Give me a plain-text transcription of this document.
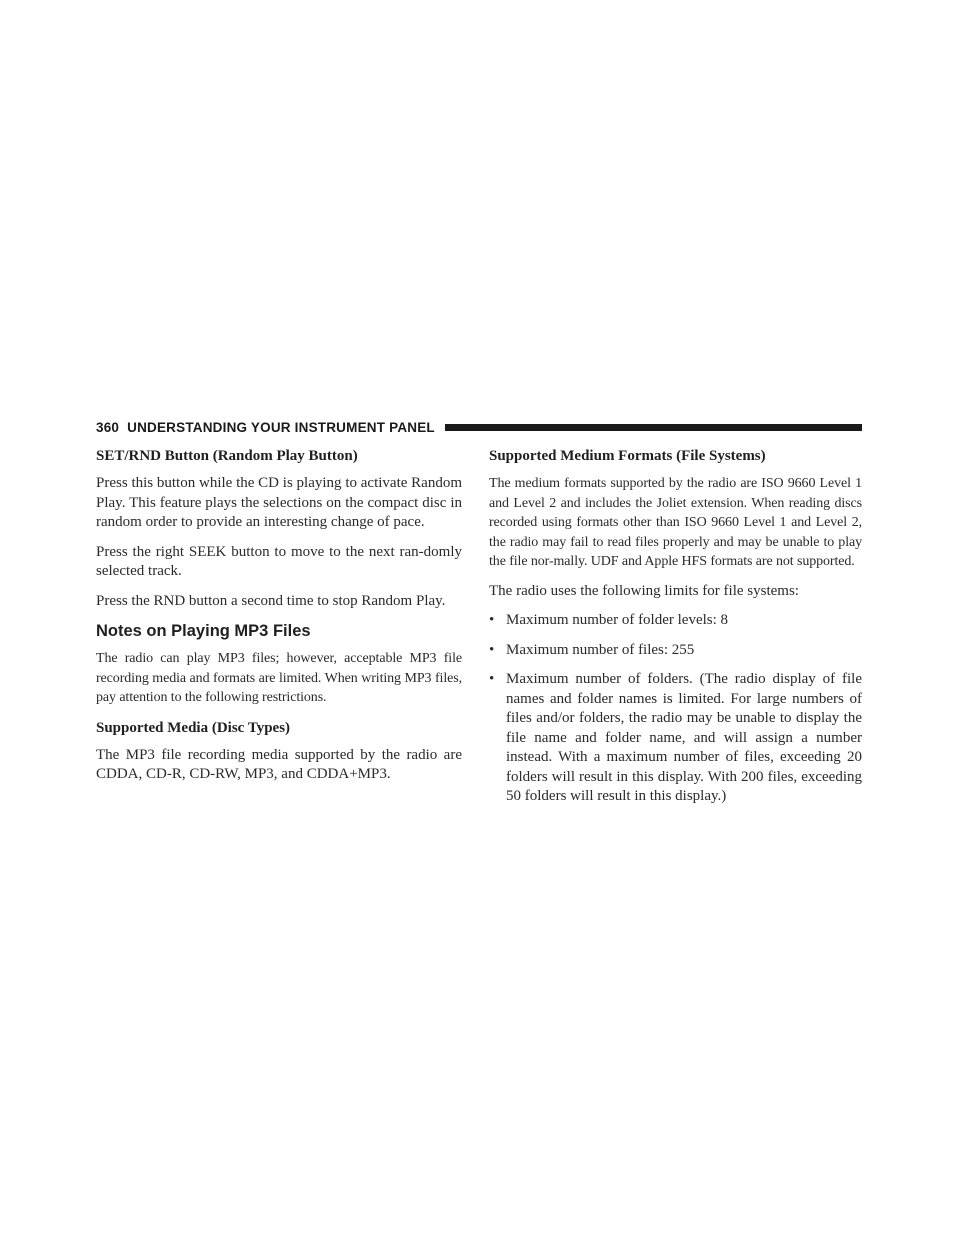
360 UNDERSTANDING YOUR INSTRUMENT PANEL
SET/RND Button (Random Play Button)

Press this button while the CD is playing to activate Random Play. This feature plays the selections on the compact disc in random order to provide an interesting change of pace.

Press the right SEEK button to move to the next ran-domly selected track.

Press the RND button a second time to stop Random Play.

Notes on Playing MP3 Files

The radio can play MP3 files; however, acceptable MP3 file recording media and formats are limited. When writing MP3 files, pay attention to the following restrictions.

Supported Media (Disc Types)

The MP3 file recording media supported by the radio are CDDA, CD-R, CD-RW, MP3, and CDDA+MP3.

Supported Medium Formats (File Systems)

The medium formats supported by the radio are ISO 9660 Level 1 and Level 2 and includes the Joliet extension. When reading discs recorded using formats other than ISO 9660 Level 1 and Level 2, the radio may fail to read files properly and may be unable to play the file nor-mally. UDF and Apple HFS formats are not supported.

The radio uses the following limits for file systems:

• Maximum number of folder levels: 8
• Maximum number of files: 255
• Maximum number of folders. (The radio display of file names and folder names is limited. For large numbers of files and/or folders, the radio may be unable to display the file name and folder name, and will assign a number instead. With a maximum number of files, exceeding 20 folders will result in this display. With 200 files, exceeding 50 folders will result in this display.)
